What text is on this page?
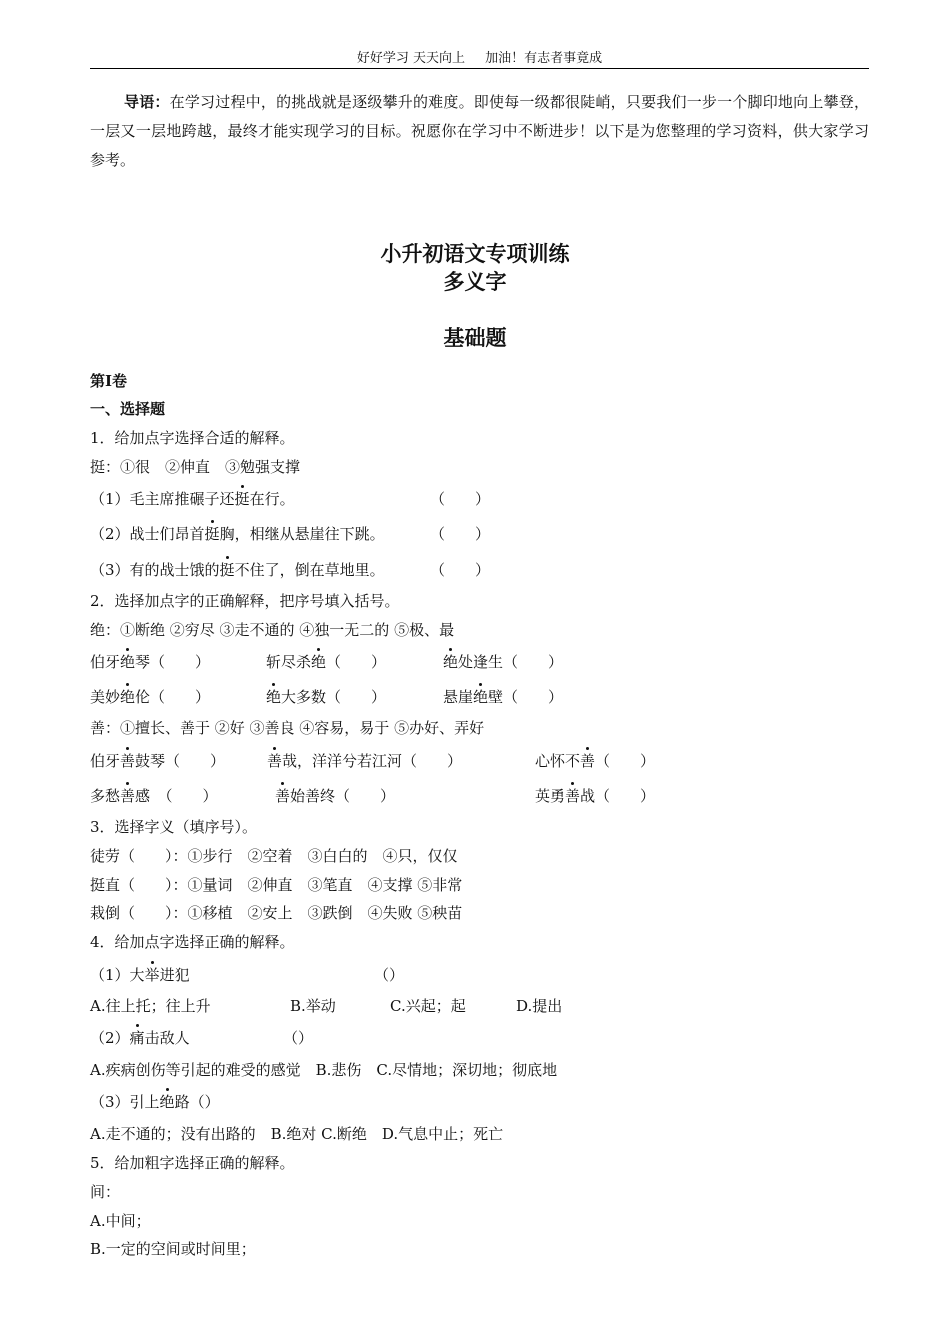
好好学习 天天向上 加油！有志者事竟成
导语：在学习过程中，的挑战就是逐级攀升的难度。即使每一级都很陡峭，只要我们一步一个脚印地向上攀登，一层又一层地跨越，最终才能实现学习的目标。祝愿你在学习中不断进步！以下是为您整理的学习资料，供大家学习参考。
小升初语文专项训练
多义字
基础题
第Ⅰ卷
一、选择题
1．给加点字选择合适的解释。
挺：①很　②伸直　③勉强支撑
（1）毛主席推碾子还挺在行。	（　　）
（2）战士们昂首挺胸，相继从悬崖往下跳。	（　　）
（3）有的战士饿的挺不住了，倒在草地里。	（　　）
2．选择加点字的正确解释，把序号填入括号。
绝：①断绝 ②穷尽 ③走不通的 ④独一无二的 ⑤极、最
伯牙绝琴（　　）	斩尽杀绝（　　）	绝处逢生（　　）
美妙绝伦（　　）	绝大多数（　　）	悬崖绝壁（　　）
善：①擅长、善于 ②好 ③善良 ④容易，易于 ⑤办好、弄好
伯牙善鼓琴（　　）	善哉，洋洋兮若江河（　　）	心怀不善（　　）
多愁善感　（　　）	善始善终（　　）	英勇善战（　　）
3．选择字义（填序号）。
徒劳（　　）：①步行　②空着　③白白的　④只，仅仅
挺直（　　）：①量词　②伸直　③笔直　④支撑 ⑤非常
栽倒（　　）：①移植　②安上　③跌倒　④失败 ⑤秧苗
4．给加点字选择正确的解释。
（1）大举进犯	（）
A.往上托；往上升	B.举动	C.兴起；起	D.提出
（2）痛击敌人	（）
A.疾病创伤等引起的难受的感觉　B.悲伤　C.尽情地；深切地；彻底地
（3）引上绝路（）
A.走不通的；没有出路的　B.绝对 C.断绝　D.气息中止；死亡
5．给加粗字选择正确的解释。
间：
A.中间；
B.一定的空间或时间里；
